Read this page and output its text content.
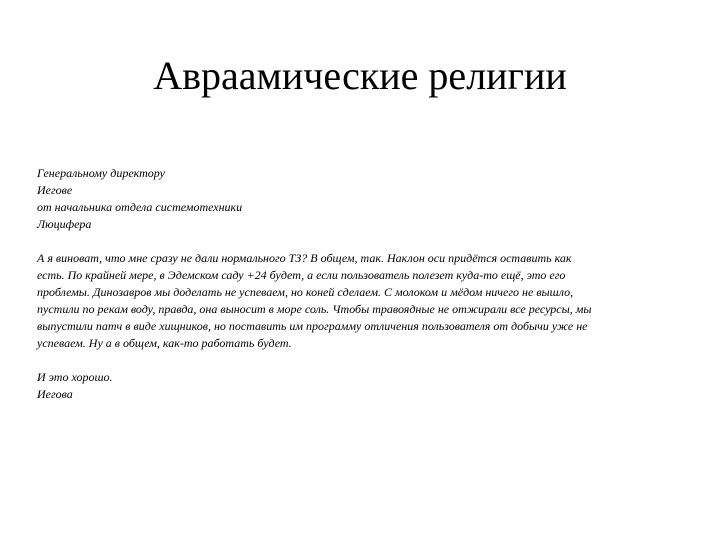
Авраамические религии
Генеральному директору
Иегове
от начальника отдела системотехники
Люцифера
А я виноват, что мне сразу не дали нормального ТЗ? В общем, так. Наклон оси придётся оставить как
есть. По крайней мере, в Эдемском саду +24 будет, а если пользователь полезет куда-то ещё, это его
проблемы. Динозавров мы доделать не успеваем, но коней сделаем. С молоком и мёдом ничего не вышло,
пустили по рекам воду, правда, она выносит в море соль. Чтобы травоядные не отжирали все ресурсы, мы
выпустили патч в виде хищников, но поставить им программу отличения пользователя от добычи уже не
успеваем. Ну а в общем, как-то работать будет.
И это хорошо.
Иегова
